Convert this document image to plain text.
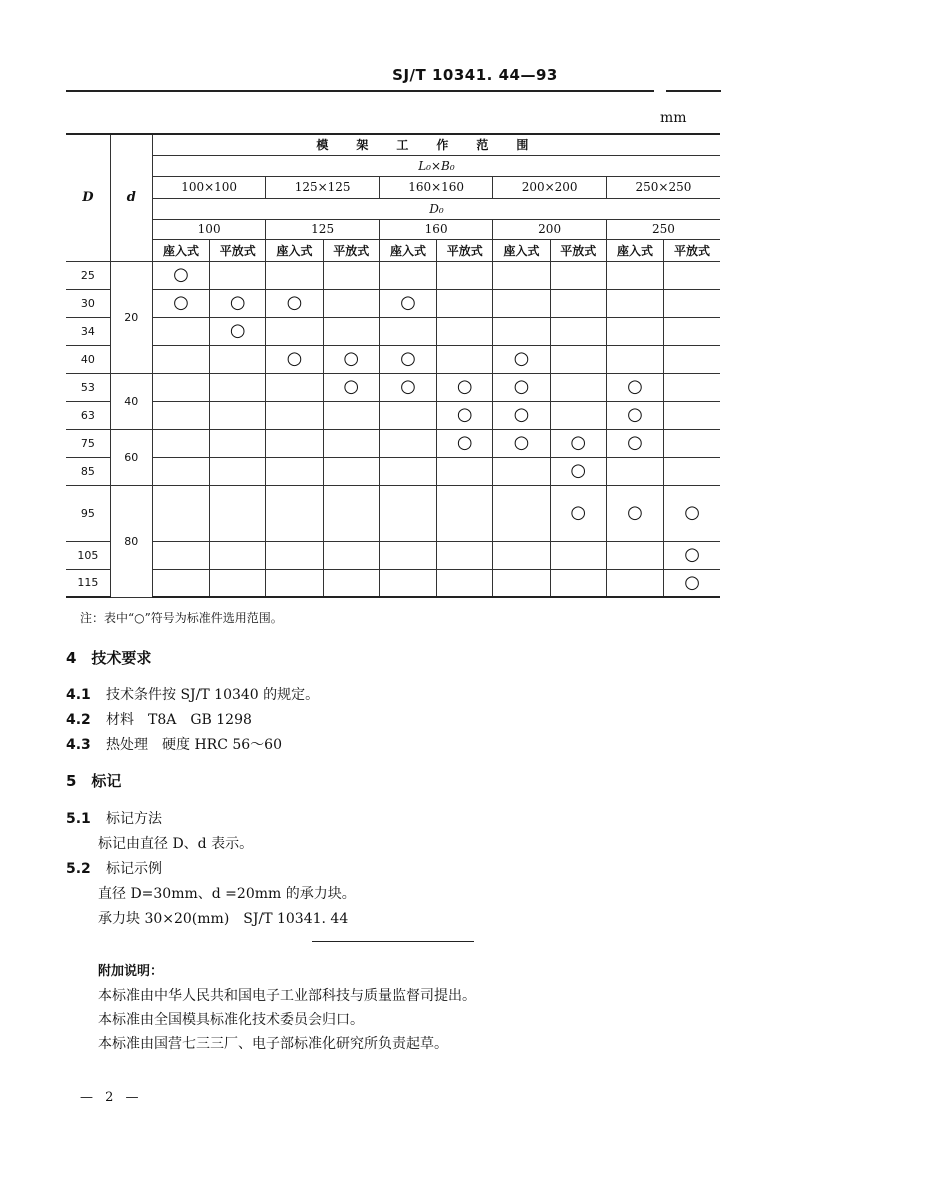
SJ/T 10341. 44—93
mm
D	d	模架工作范围									
		L₀×B₀									
		100×100		125×125		160×160		200×200		250×250	
		D₀									
		100		125		160		200		250	
		座入式	平放式	座入式	平放式	座入式	平放式	座入式	平放式	座入式	平放式
25	20	○									
30		○	○	○		○					
34			○								
40				○	○	○		○			
53	40				○	○	○	○		○	
63							○	○		○	
75	60						○	○	○	○	
85									○		
95	80								○	○	○
105											○
115											○
注：表中“○”符号为标准件选用范围。
4　技术要求
4.1 技术条件按 SJ/T 10340 的规定。
4.2 材料　T8A　GB 1298
4.3 热处理　硬度 HRC 56～60
5　标记
5.1 标记方法
标记由直径 D、d 表示。
5.2 标记示例
直径 D=30mm、d =20mm 的承力块。
承力块 30×20(mm)　SJ/T 10341. 44
附加说明：
本标准由中华人民共和国电子工业部科技与质量监督司提出。
本标准由全国模具标准化技术委员会归口。
本标准由国营七三三厂、电子部标准化研究所负责起草。
— 2 —
